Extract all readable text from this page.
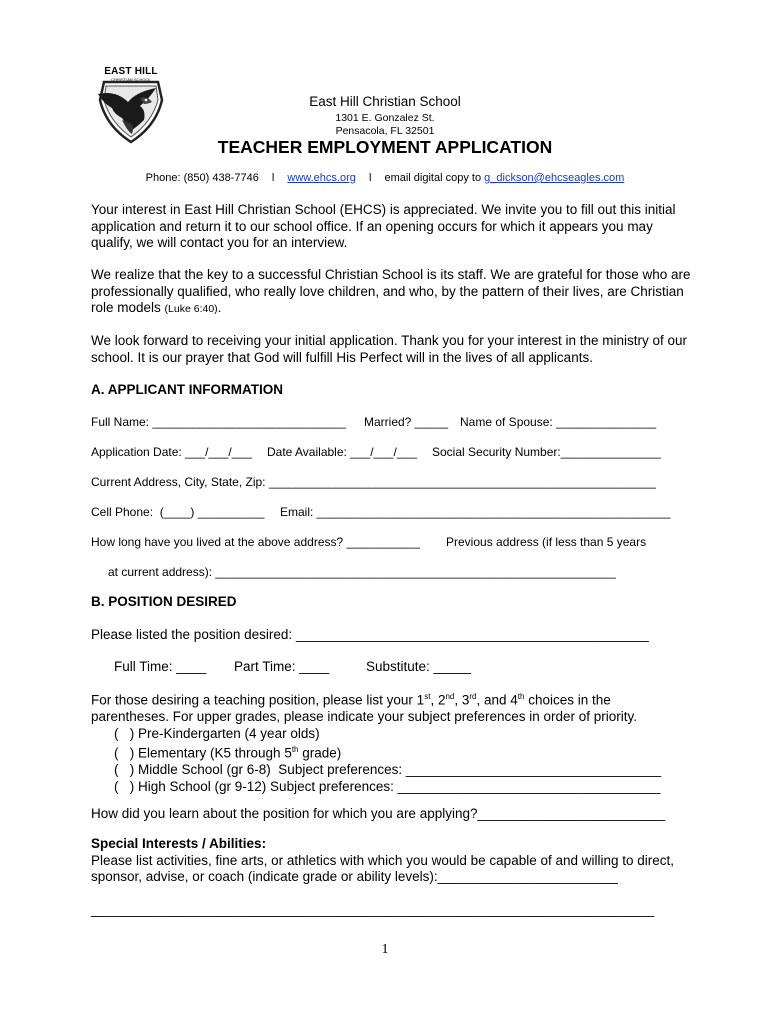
EAST HILL
CHRISTIAN SCHOOL
East Hill Christian School
1301 E. Gonzalez St.
Pensacola, FL 32501
TEACHER EMPLOYMENT APPLICATION
Phone: (850) 438-7746 l www.ehcs.org l email digital copy to g_dickson@ehcseagles.com
Your interest in East Hill Christian School (EHCS) is appreciated. We invite you to fill out this initial application and return it to our school office. If an opening occurs for which it appears you may qualify, we will contact you for an interview.
We realize that the key to a successful Christian School is its staff. We are grateful for those who are professionally qualified, who really love children, and who, by the pattern of their lives, are Christian role models (Luke 6:40).
We look forward to receiving your initial application. Thank you for your interest in the ministry of our school. It is our prayer that God will fulfill His Perfect will in the lives of all applicants.
A. APPLICANT INFORMATION
Full Name: _____________________________ Married? _____ Name of Spouse: _______________
Application Date: ___/___/___ Date Available: ___/___/___ Social Security Number:_______________
Current Address, City, State, Zip: __________________________________________________________
Cell Phone:  (____) __________ Email: _____________________________________________________
How long have you lived at the above address? ___________ Previous address (if less than 5 years
at current address): ____________________________________________________________
B. POSITION DESIRED
Please listed the position desired: _______________________________________________
Full Time: ____ Part Time: ____	Substitute: _____
For those desiring a teaching position, please list your 1st, 2nd, 3rd, and 4th choices in the parentheses. For upper grades, please indicate your subject preferences in order of priority.
(   ) Pre-Kindergarten (4 year olds)
(   ) Elementary (K5 through 5th grade)
(   ) Middle School (gr 6-8)  Subject preferences: __________________________________
(   ) High School (gr 9-12) Subject preferences: ___________________________________
How did you learn about the position for which you are applying?_________________________
Special Interests / Abilities:
Please list activities, fine arts, or athletics with which you would be capable of and willing to direct, sponsor, advise, or coach (indicate grade or ability levels):________________________
___________________________________________________________________________
1
